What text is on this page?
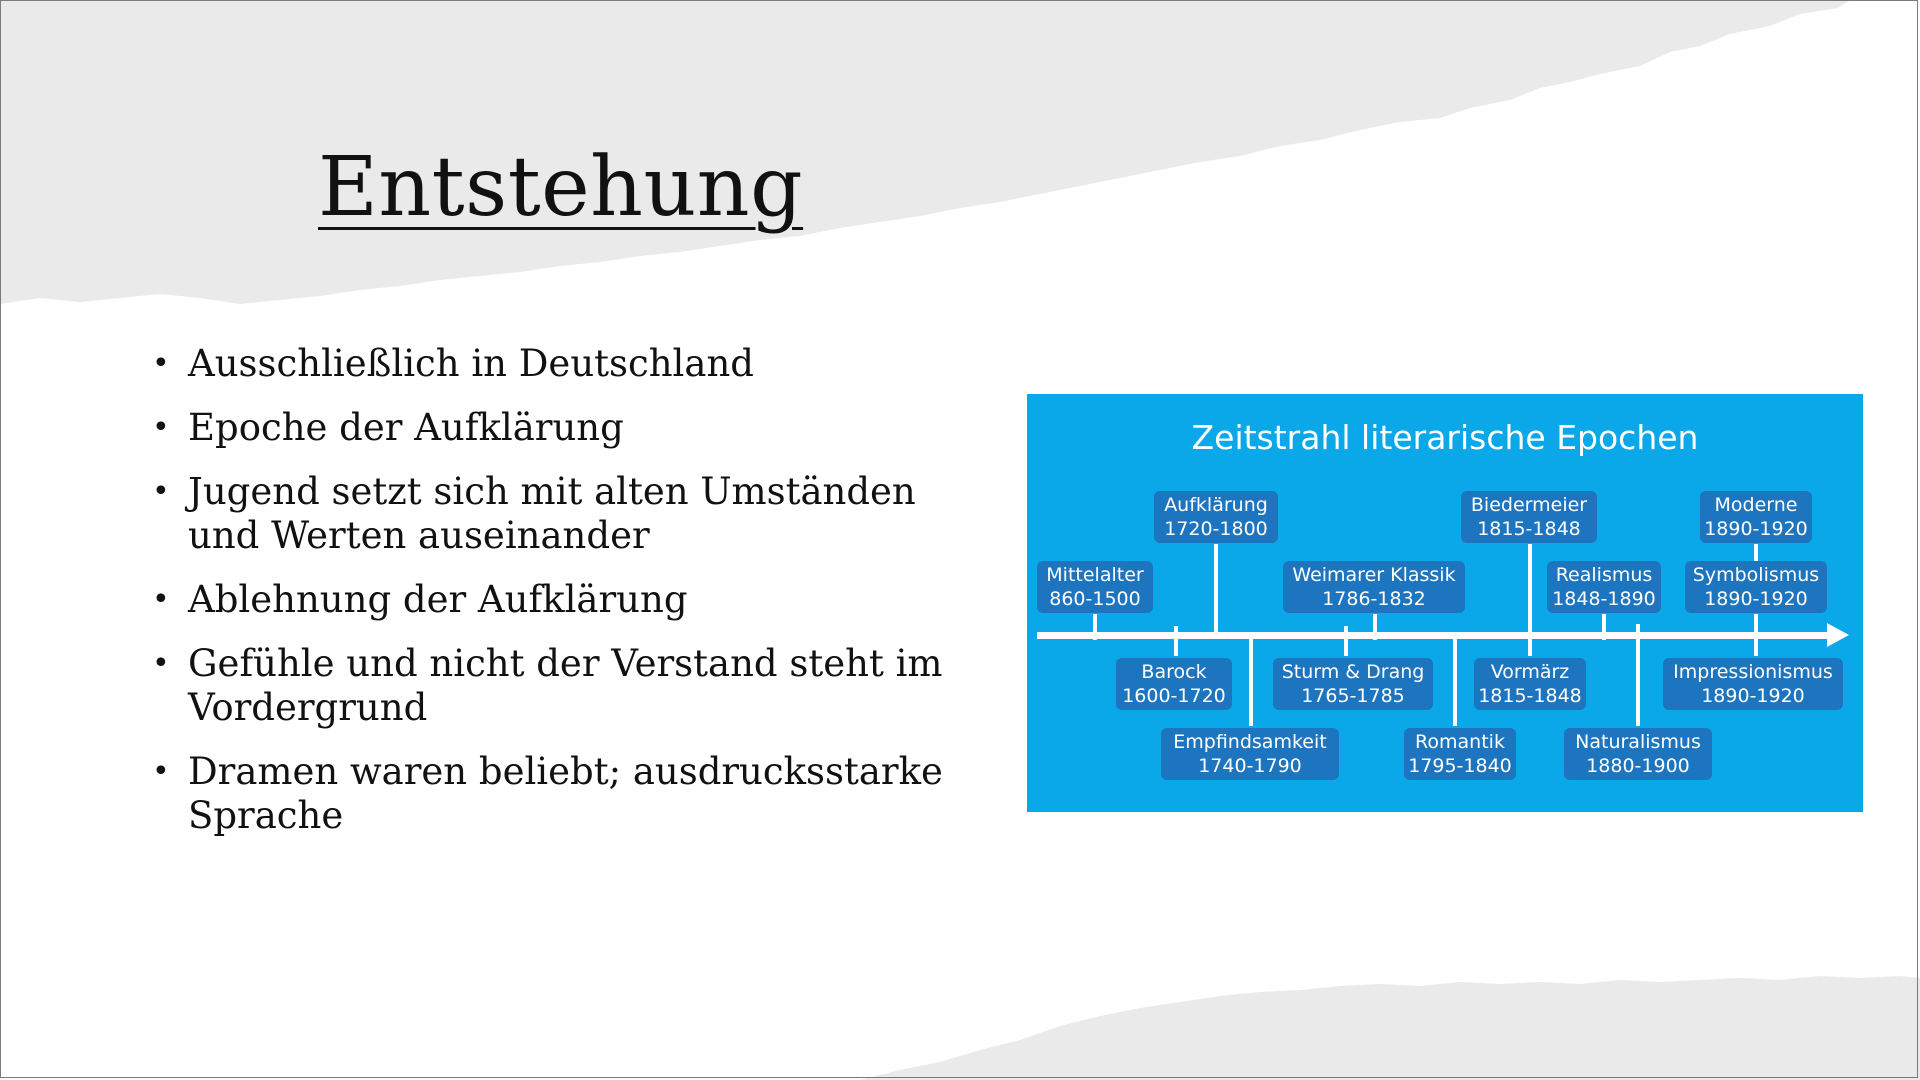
Entstehung
• Ausschließlich in Deutschland
• Epoche der Aufklärung
• Jugend setzt sich mit alten Umständen und Werten auseinander
• Ablehnung der Aufklärung
• Gefühle und nicht der Verstand steht im Vordergrund
• Dramen waren beliebt; ausdrucksstarke Sprache
Zeitstrahl literarische Epochen
Aufklärung
1720-1800
Biedermeier
1815-1848
Moderne
1890-1920
Mittelalter
860-1500
Weimarer Klassik
1786-1832
Realismus
1848-1890
Symbolismus
1890-1920
Barock
1600-1720
Sturm & Drang
1765-1785
Vormärz
1815-1848
Impressionismus
1890-1920
Empfindsamkeit
1740-1790
Romantik
1795-1840
Naturalismus
1880-1900
